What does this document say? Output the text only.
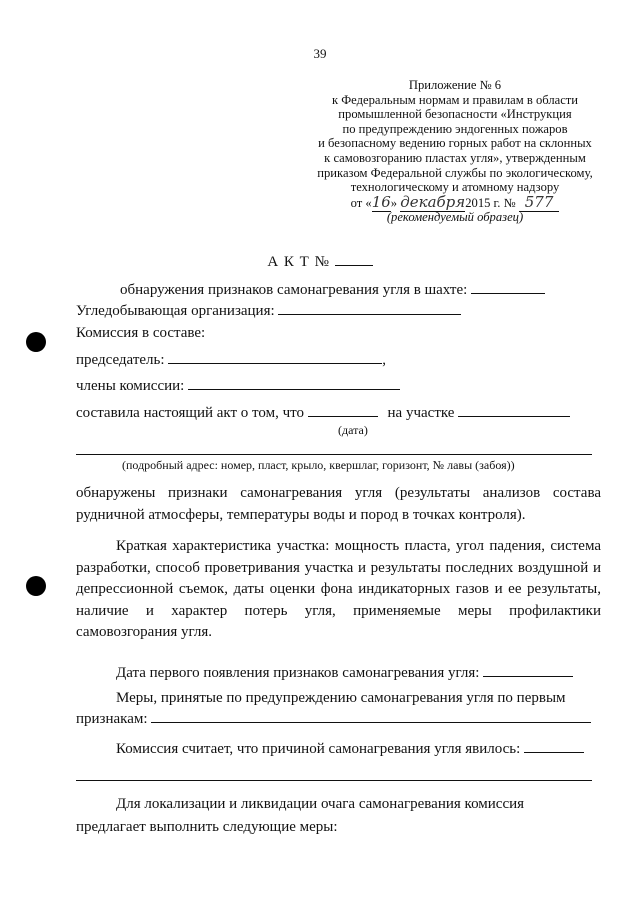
39
Приложение № 6
к Федеральным нормам и правилам в области
промышленной безопасности «Инструкция
по предупреждению эндогенных пожаров
и безопасному ведению горных работ на склонных
к самовозгоранию пластах угля», утвержденным
приказом Федеральной службы по экологическому,
технологическому и атомному надзору
от «16» декабря2015 г. № 577
(рекомендуемый образец)
А К Т №
обнаружения признаков самонагревания угля в шахте:
Угледобывающая организация:
Комиссия в составе:
председатель:	,
члены комиссии:
составила настоящий акт о том, что	на участке
(дата)
(подробный адрес: номер, пласт, крыло, квершлаг, горизонт, № лавы (забоя))
обнаружены признаки самонагревания угля (результаты анализов состава рудничной атмосферы, температуры воды и пород в точках контроля).
Краткая характеристика участка: мощность пласта, угол падения, система разработки, способ проветривания участка и результаты последних воздушной и депрессионной съемок, даты оценки фона индикаторных газов и ее результаты, наличие и характер потерь угля, применяемые меры профилактики самовозгорания угля.
Дата первого появления признаков самонагревания угля:
Меры, принятые по предупреждению самонагревания угля по первым
признакам:
Комиссия считает, что причиной самонагревания угля явилось:
Для локализации и ликвидации очага самонагревания комиссия
предлагает выполнить следующие меры:
